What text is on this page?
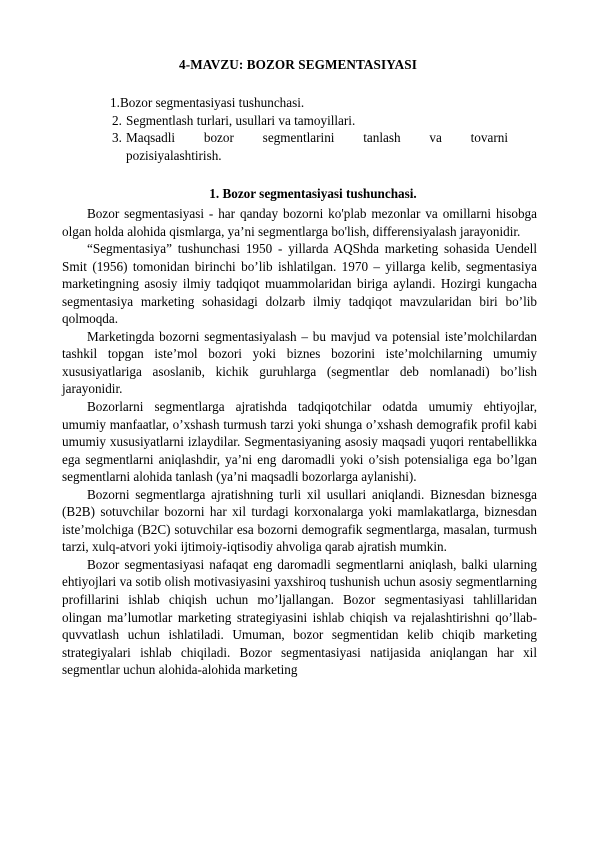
4-MAVZU: BOZOR SEGMENTASIYASI
1. Bozor segmentasiyasi tushunchasi.
2. Segmentlash turlari, usullari va tamoyillari.
3. Maqsadli bozor segmentlarini tanlash va tovarni
pozisiyalashtirish.
1. Bozor segmentasiyasi tushunchasi.

Bozor segmentasiyasi - har qanday bozorni ko'plab mezonlar va omillarni hisobga olgan holda alohida qismlarga, ya’ni segmentlarga bo'lish, differensiyalash jarayonidir.

“Segmentasiya” tushunchasi 1950 - yillarda AQShda marketing sohasida Uendell Smit (1956) tomonidan birinchi bo’lib ishlatilgan. 1970 – yillarga kelib, segmentasiya marketingning asosiy ilmiy tadqiqot muammolaridan biriga aylandi. Hozirgi kungacha segmentasiya marketing sohasidagi dolzarb ilmiy tadqiqot mavzularidan biri bo’lib qolmoqda.

Marketingda bozorni segmentasiyalash – bu mavjud va potensial iste’molchilardan tashkil topgan iste’mol bozori yoki biznes bozorini iste’molchilarning umumiy xususiyatlariga asoslanib, kichik guruhlarga (segmentlar deb nomlanadi) bo’lish jarayonidir.

Bozorlarni segmentlarga ajratishda tadqiqotchilar odatda umumiy ehtiyojlar, umumiy manfaatlar, o’xshash turmush tarzi yoki shunga o’xshash demografik profil kabi umumiy xususiyatlarni izlaydilar. Segmentasiyaning asosiy maqsadi yuqori rentabellikka ega segmentlarni aniqlashdir, ya’ni eng daromadli yoki o’sish potensialiga ega bo’lgan segmentlarni alohida tanlash (ya’ni maqsadli bozorlarga aylanishi).

Bozorni segmentlarga ajratishning turli xil usullari aniqlandi. Biznesdan biznesga (B2B) sotuvchilar bozorni har xil turdagi korxonalarga yoki mamlakatlarga, biznesdan iste’molchiga (B2C) sotuvchilar esa bozorni demografik segmentlarga, masalan, turmush tarzi, xulq-atvori yoki ijtimoiy-iqtisodiy ahvoliga qarab ajratish mumkin.

Bozor segmentasiyasi nafaqat eng daromadli segmentlarni aniqlash, balki ularning ehtiyojlari va sotib olish motivasiyasini yaxshiroq tushunish uchun asosiy segmentlarning profillarini ishlab chiqish uchun mo’ljallangan. Bozor segmentasiyasi tahlillaridan olingan ma’lumotlar marketing strategiyasini ishlab chiqish va rejalashtirishni qo’llab- quvvatlash uchun ishlatiladi. Umuman, bozor segmentidan kelib chiqib marketing strategiyalari ishlab chiqiladi. Bozor segmentasiyasi natijasida aniqlangan har xil segmentlar uchun alohida-alohida marketing
